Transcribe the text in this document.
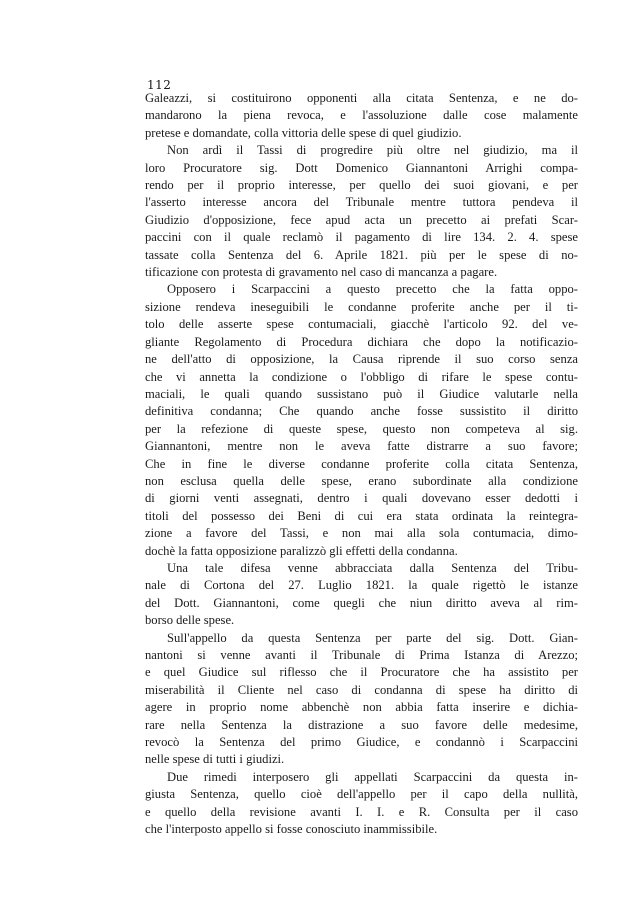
112
Galeazzi, si costituirono opponenti alla citata Sentenza, e ne do-
mandarono la piena revoca, e l'assoluzione dalle cose malamente
pretese e domandate, colla vittoria delle spese di quel giudizio.
Non ardì il Tassi di progredire più oltre nel giudizio, ma il
loro Procuratore sig. Dott Domenico Giannantoni Arrighi compa-
rendo per il proprio interesse, per quello dei suoi giovani, e per
l'asserto interesse ancora del Tribunale mentre tuttora pendeva il
Giudizio d'opposizione, fece apud acta un precetto ai prefati Scar-
paccini con il quale reclamò il pagamento di lire 134. 2. 4. spese
tassate colla Sentenza del 6. Aprile 1821. più per le spese di no-
tificazione con protesta di gravamento nel caso di mancanza a pagare.
Opposero i Scarpaccini a questo precetto che la fatta oppo-
sizione rendeva ineseguibili le condanne proferite anche per il ti-
tolo delle asserte spese contumaciali, giacchè l'articolo 92. del ve-
gliante Regolamento di Procedura dichiara che dopo la notificazio-
ne dell'atto di opposizione, la Causa riprende il suo corso senza
che vi annetta la condizione o l'obbligo di rifare le spese contu-
maciali, le quali quando sussistano può il Giudice valutarle nella
definitiva condanna; Che quando anche fosse sussistito il diritto
per la refezione di queste spese, questo non competeva al sig.
Giannantoni, mentre non le aveva fatte distrarre a suo favore;
Che in fine le diverse condanne proferite colla citata Sentenza,
non esclusa quella delle spese, erano subordinate alla condizione
di giorni venti assegnati, dentro i quali dovevano esser dedotti i
titoli del possesso dei Beni di cui era stata ordinata la reintegra-
zione a favore del Tassi, e non mai alla sola contumacia, dimo-
dochè la fatta opposizione paralizzò gli effetti della condanna.
Una tale difesa venne abbracciata dalla Sentenza del Tribu-
nale di Cortona del 27. Luglio 1821. la quale rigettò le istanze
del Dott. Giannantoni, come quegli che niun diritto aveva al rim-
borso delle spese.
Sull'appello da questa Sentenza per parte del sig. Dott. Gian-
nantoni si venne avanti il Tribunale di Prima Istanza di Arezzo;
e quel Giudice sul riflesso che il Procuratore che ha assistito per
miserabilità il Cliente nel caso di condanna di spese ha diritto di
agere in proprio nome abbenchè non abbia fatta inserire e dichia-
rare nella Sentenza la distrazione a suo favore delle medesime,
revocò la Sentenza del primo Giudice, e condannò i Scarpaccini
nelle spese di tutti i giudizi.
Due rimedi interposero gli appellati Scarpaccini da questa in-
giusta Sentenza, quello cioè dell'appello per il capo della nullità,
e quello della revisione avanti I. I. e R. Consulta per il caso
che l'interposto appello si fosse conosciuto inammissibile.
